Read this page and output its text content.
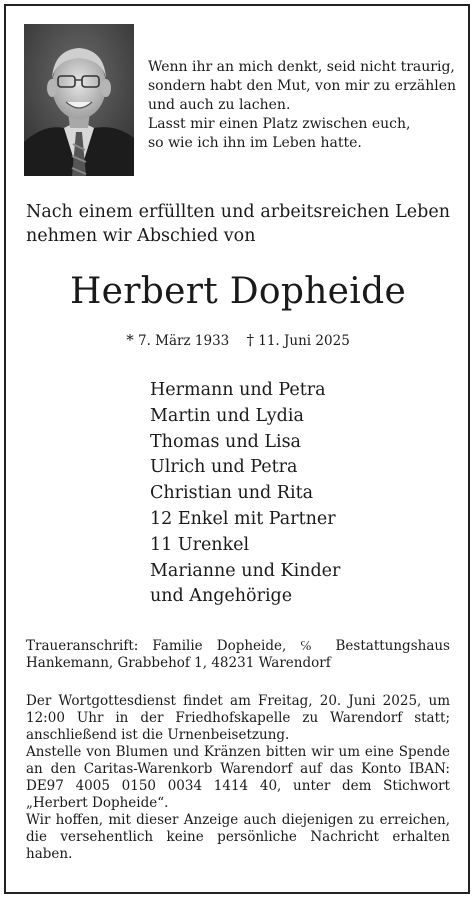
Wenn ihr an mich denkt, seid nicht traurig,
sondern habt den Mut, von mir zu erzählen
und auch zu lachen.
Lasst mir einen Platz zwischen euch,
so wie ich ihn im Leben hatte.
Nach einem erfüllten und arbeitsreichen Leben nehmen wir Abschied von
Herbert Dopheide
* 7. März 1933 † 11. Juni 2025
Hermann und Petra
Martin und Lydia
Thomas und Lisa
Ulrich und Petra
Christian und Rita
12 Enkel mit Partner
11 Urenkel
Marianne und Kinder
und Angehörige
Traueranschrift: Familie Dopheide, ℅ Bestattungshaus Hankemann, Grabbehof 1, 48231 Warendorf
Der Wortgottesdienst findet am Freitag, 20. Juni 2025, um 12:00 Uhr in der Friedhofskapelle zu Warendorf statt; anschließend ist die Urnenbeisetzung.
Anstelle von Blumen und Kränzen bitten wir um eine Spende an den Caritas-Warenkorb Warendorf auf das Konto IBAN: DE97 4005 0150 0034 1414 40, unter dem Stichwort „Herbert Dopheide“.
Wir hoffen, mit dieser Anzeige auch diejenigen zu erreichen, die versehentlich keine persönliche Nachricht erhalten haben.
